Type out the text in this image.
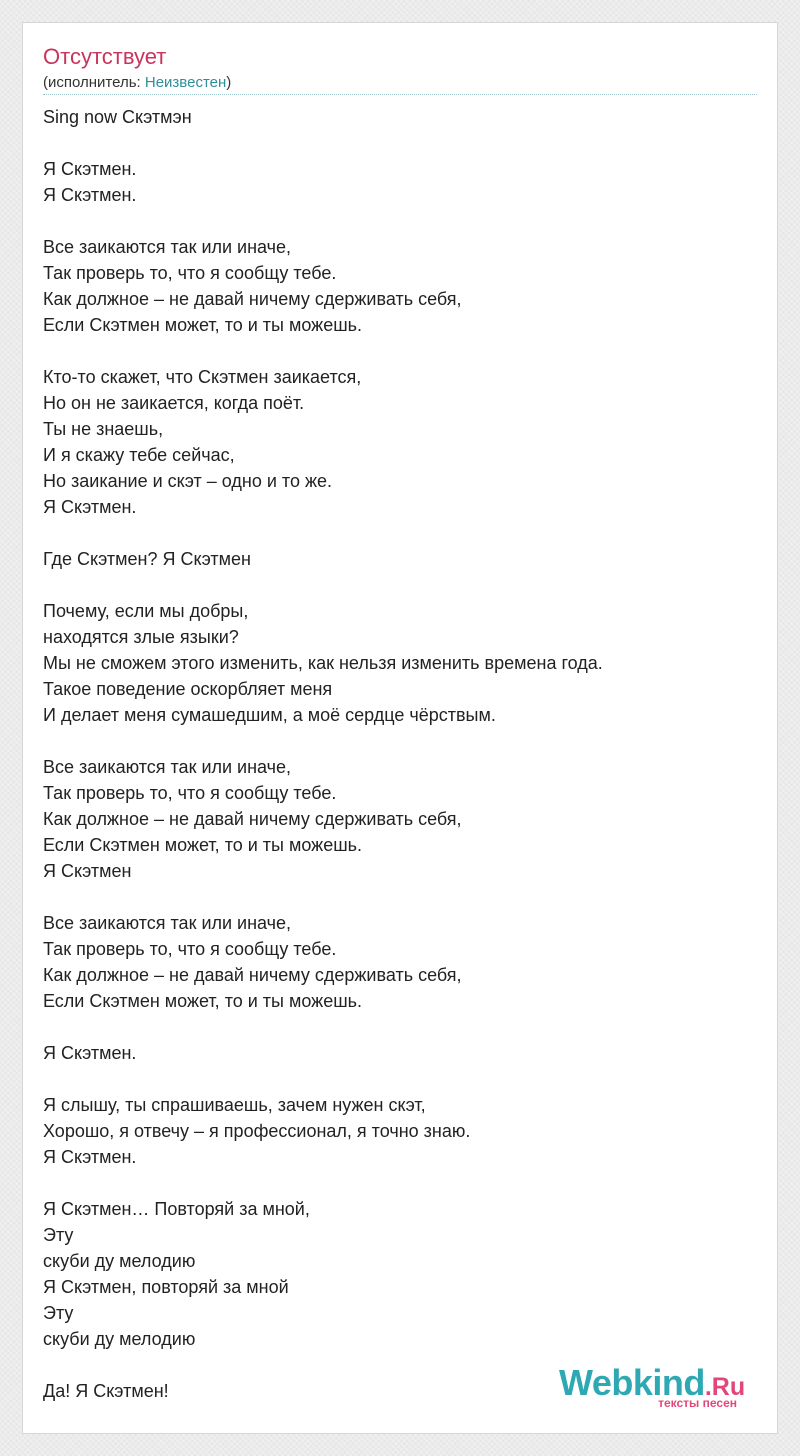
Отсутствует
(исполнитель: Неизвестен)
Sing now Скэтмэн
Я Скэтмен.
Я Скэтмен.
Все заикаются так или иначе,
Так проверь то, что я сообщу тебе.
Как должное – не давай ничему сдерживать себя,
Если Скэтмен может, то и ты можешь.
Кто-то скажет, что Скэтмен заикается,
Но он не заикается, когда поёт.
Ты не знаешь,
И я скажу тебе сейчас,
Но заикание и скэт – одно и то же.
Я Скэтмен.
Где Скэтмен? Я Скэтмен
Почему, если мы добры,
находятся злые языки?
Мы не сможем этого изменить, как нельзя изменить времена года.
Такое поведение оскорбляет меня
И делает меня сумашедшим, а моё сердце чёрствым.
Все заикаются так или иначе,
Так проверь то, что я сообщу тебе.
Как должное – не давай ничему сдерживать себя,
Если Скэтмен может, то и ты можешь.
Я Скэтмен
Все заикаются так или иначе,
Так проверь то, что я сообщу тебе.
Как должное – не давай ничему сдерживать себя,
Если Скэтмен может, то и ты можешь.
Я Скэтмен.
Я слышу, ты спрашиваешь, зачем нужен скэт,
Хорошо, я отвечу – я профессионал, я точно знаю.
Я Скэтмен.
Я Скэтмен… Повторяй за мной,
Эту
скуби ду мелодию
Я Скэтмен, повторяй за мной
Эту
скуби ду мелодию
Да! Я Скэтмен!	Webkind.Ru
тексты песен
